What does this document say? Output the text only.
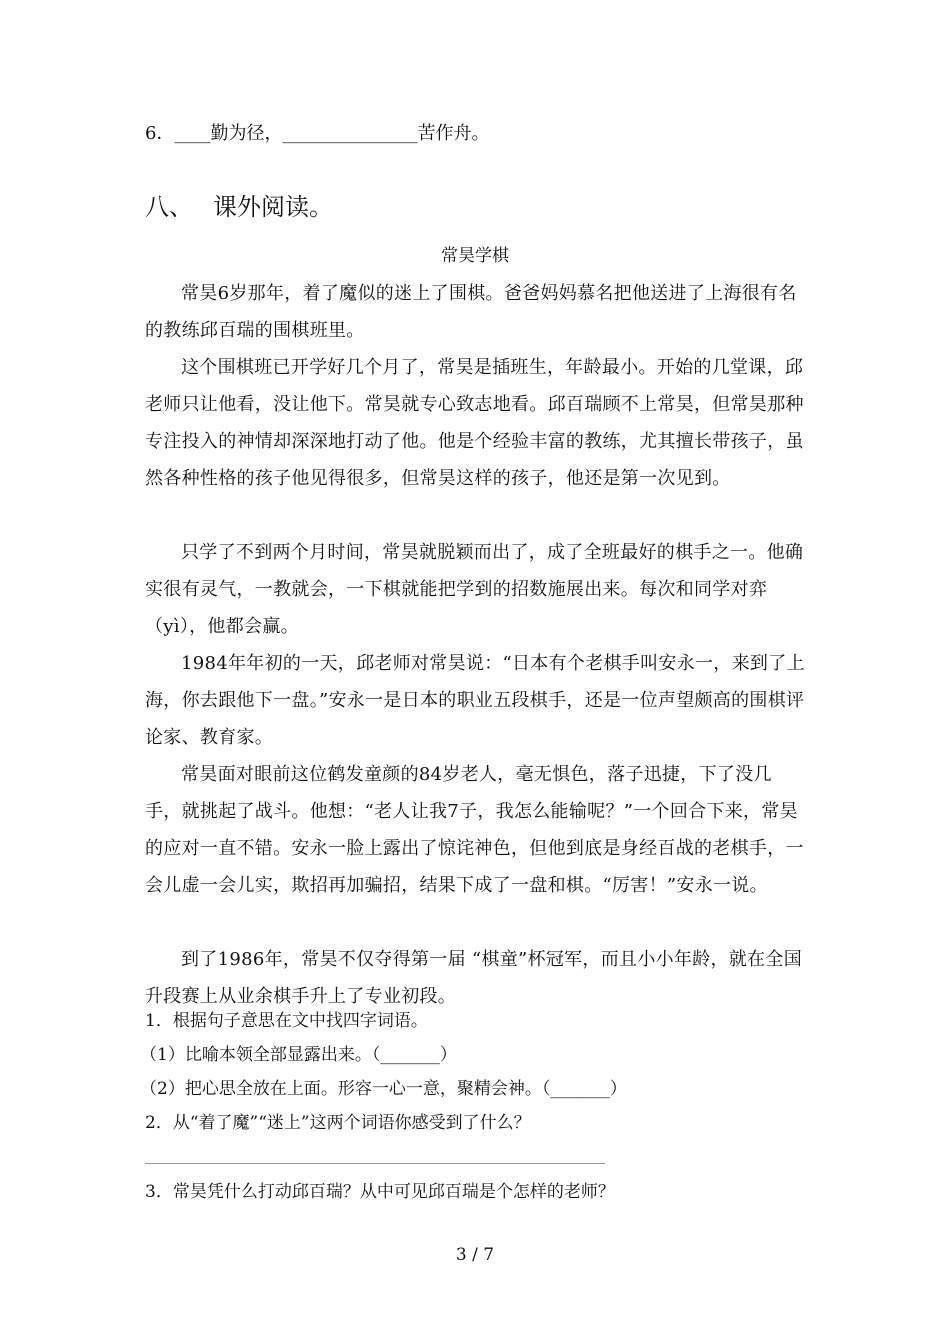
6．____勤为径，_______________苦作舟。
八、 课外阅读。
常昊学棋

常昊6岁那年，着了魔似的迷上了围棋。爸爸妈妈慕名把他送进了上海很有名的教练邱百瑞的围棋班里。

这个围棋班已开学好几个月了，常昊是插班生，年龄最小。开始的几堂课，邱老师只让他看，没让他下。常昊就专心致志地看。邱百瑞顾不上常昊，但常昊那种专注投入的神情却深深地打动了他。他是个经验丰富的教练，尤其擅长带孩子，虽然各种性格的孩子他见得很多，但常昊这样的孩子，他还是第一次见到。

只学了不到两个月时间，常昊就脱颖而出了，成了全班最好的棋手之一。他确实很有灵气，一教就会，一下棋就能把学到的招数施展出来。每次和同学对弈（yì），他都会赢。

1984年年初的一天，邱老师对常昊说：“日本有个老棋手叫安永一，来到了上海，你去跟他下一盘。”安永一是日本的职业五段棋手，还是一位声望颇高的围棋评论家、教育家。

常昊面对眼前这位鹤发童颜的84岁老人，毫无惧色，落子迅捷，下了没几手，就挑起了战斗。他想：“老人让我7子，我怎么能输呢？”一个回合下来，常昊的应对一直不错。安永一脸上露出了惊诧神色，但他到底是身经百战的老棋手，一会儿虚一会儿实，欺招再加骗招，结果下成了一盘和棋。“厉害！”安永一说。

到了1986年，常昊不仅夺得第一届 “棋童”杯冠军，而且小小年龄，就在全国升段赛上从业余棋手升上了专业初段。

1．根据句子意思在文中找四字词语。
（1）比喻本领全部显露出来。（_______）
（2）把心思全放在上面。形容一心一意，聚精会神。（_______）
2．从“着了魔”“迷上”这两个词语你感受到了什么？
3．常昊凭什么打动邱百瑞？从中可见邱百瑞是个怎样的老师？
3 / 7
